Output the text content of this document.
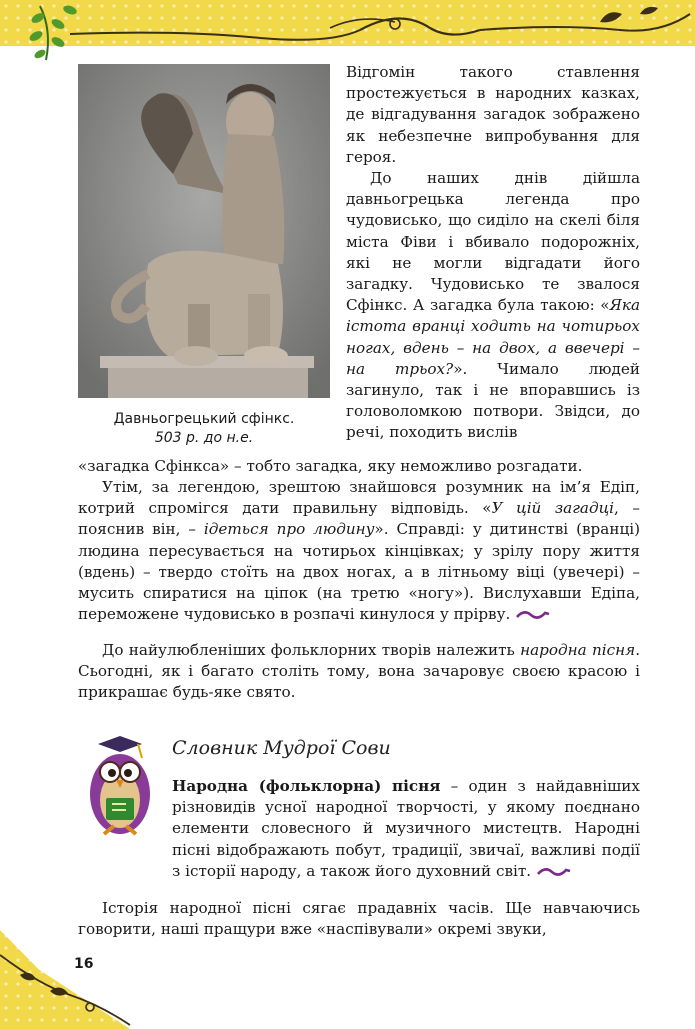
Давньогрецький сфінкс.
503 р. до н.е.

Відгомін такого ставлення простежується в народних казках, де відгадування загадок зображено як небезпечне випробування для героя.

До наших днів дійшла давньогрецька легенда про чудовисько, що сиділо на скелі біля міста Фіви і вбивало подорожніх, які не могли відгадати його загадку. Чудовисько те звалося Сфінкс. А загадка була такою: «Яка істота вранці ходить на чотирьох ногах, вдень – на двох, а ввечері – на трьох?». Чимало людей загинуло, так і не впоравшись із головоломкою потвори. Звідси, до речі, походить вислів

«загадка Сфінкса» – тобто загадка, яку неможливо розгадати.

Утім, за легендою, зрештою знайшовся розумник на ім’я Едіп, котрий спромігся дати правильну відповідь. «У цій загадці, – пояснив він, – ідеться про людину». Справді: у дитинстві (вранці) людина пересувається на чотирьох кінцівках; у зрілу пору життя (вдень) – твердо стоїть на двох ногах, а в літньому віці (увечері) – мусить спиратися на ціпок (на третю «ногу»). Вислухавши Едіпа, переможене чудовисько в розпачі кинулося у прірву.

До найулюбленіших фольклорних творів належить народна пісня. Сьогодні, як і багато століть тому, вона зачаровує своєю красою і прикрашає будь-яке свято.

Словник Мудрої Сови

Народна (фольклорна) пісня – один з найдавніших різновидів усної народної творчості, у якому поєднано елементи словесного й музичного мистецтв. Народні пісні відображають побут, традиції, звичаї, важливі події з історії народу, а також його духовний світ.

Історія народної пісні сягає прадавніх часів. Ще навчаючись говорити, наші пращури вже «наспівували» окремі звуки,

16
